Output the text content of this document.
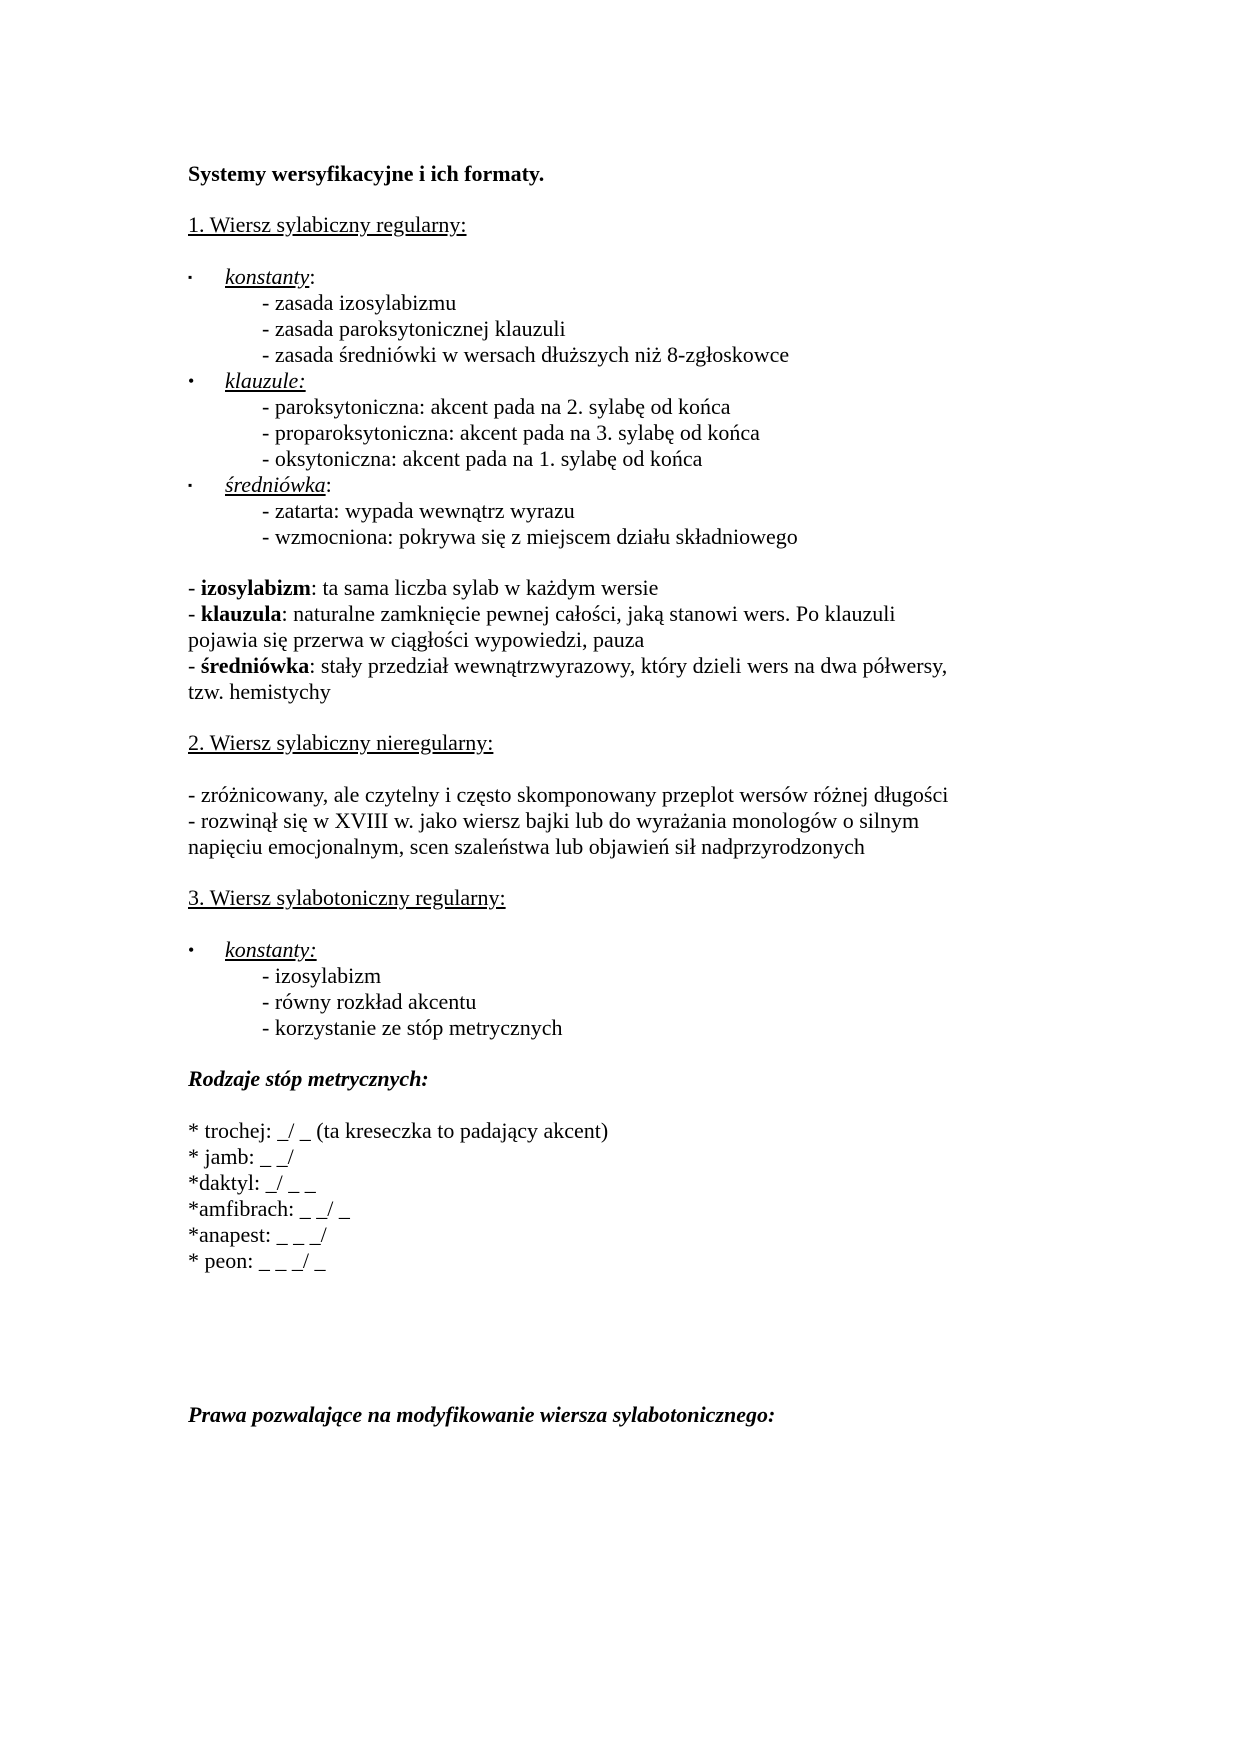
Systemy wersyfikacyjne i ich formaty.
1. Wiersz sylabiczny regularny:
▪ konstanty:
- zasada izosylabizmu
- zasada paroksytonicznej klauzuli
- zasada średniówki w wersach dłuższych niż 8-zgłoskowce
• klauzule:
- paroksytoniczna: akcent pada na 2. sylabę od końca
- proparoksytoniczna: akcent pada na 3. sylabę od końca
- oksytoniczna: akcent pada na 1. sylabę od końca
▪ średniówka:
- zatarta: wypada wewnątrz wyrazu
- wzmocniona: pokrywa się z miejscem działu składniowego
- izosylabizm: ta sama liczba sylab w każdym wersie
- klauzula: naturalne zamknięcie pewnej całości, jaką stanowi wers. Po klauzuli
pojawia się przerwa w ciągłości wypowiedzi, pauza
- średniówka: stały przedział wewnątrzwyrazowy, który dzieli wers na dwa półwersy,
tzw. hemistychy
2. Wiersz sylabiczny nieregularny:
- zróżnicowany, ale czytelny i często skomponowany przeplot wersów różnej długości
- rozwinął się w XVIII w. jako wiersz bajki lub do wyrażania monologów o silnym
napięciu emocjonalnym, scen szaleństwa lub objawień sił nadprzyrodzonych
3. Wiersz sylabotoniczny regularny:
• konstanty:
- izosylabizm
- równy rozkład akcentu
- korzystanie ze stóp metrycznych
Rodzaje stóp metrycznych:
* trochej: _/ _ (ta kreseczka to padający akcent)
* jamb: _ _/
*daktyl: _/ _ _
*amfibrach: _ _/ _
*anapest: _ _ _/
* peon: _ _ _/ _
Prawa pozwalające na modyfikowanie wiersza sylabotonicznego:
